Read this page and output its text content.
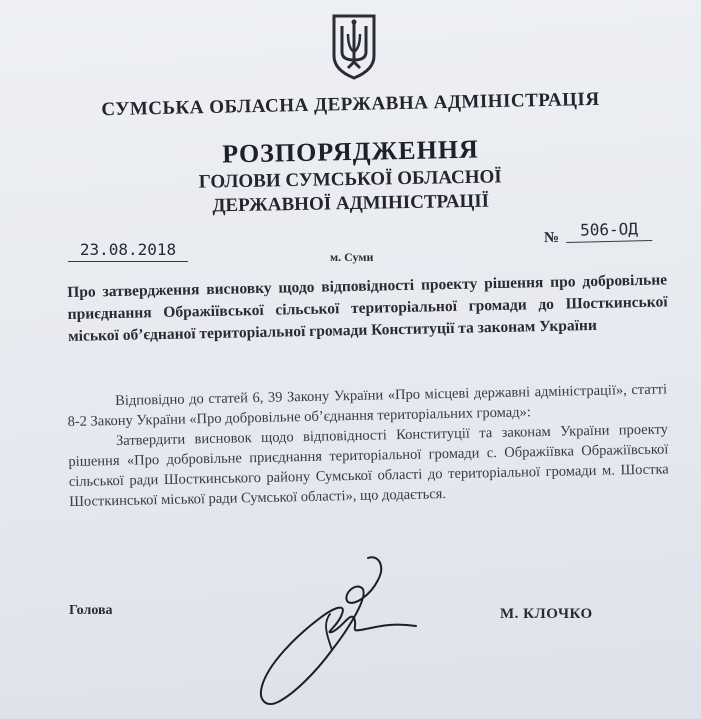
СУМСЬКА ОБЛАСНА ДЕРЖАВНА АДМІНІСТРАЦІЯ
РОЗПОРЯДЖЕННЯ
ГОЛОВИ СУМСЬКОЇ ОБЛАСНОЇ
ДЕРЖАВНОЇ АДМІНІСТРАЦІЇ
23.08.2018	м. Суми
№	506-ОД
Про затвердження висновку щодо відповідності проекту рішення про добровільне приєднання Ображіївської сільської територіальної громади до Шосткинської міської об’єднаної територіальної громади Конституції та законам України

Відповідно до статей 6, 39 Закону України «Про місцеві державні адміністрації», статті 8-2 Закону України «Про добровільне об’єднання територіальних громад»:

Затвердити висновок щодо відповідності Конституції та законам України проекту рішення «Про добровільне приєднання територіальної громади с. Ображіївка Ображіївської сільської ради Шосткинського району Сумської області до територіальної громади м. Шостка Шосткинської міської ради Сумської області», що додається.

Голова	М. КЛОЧКО
